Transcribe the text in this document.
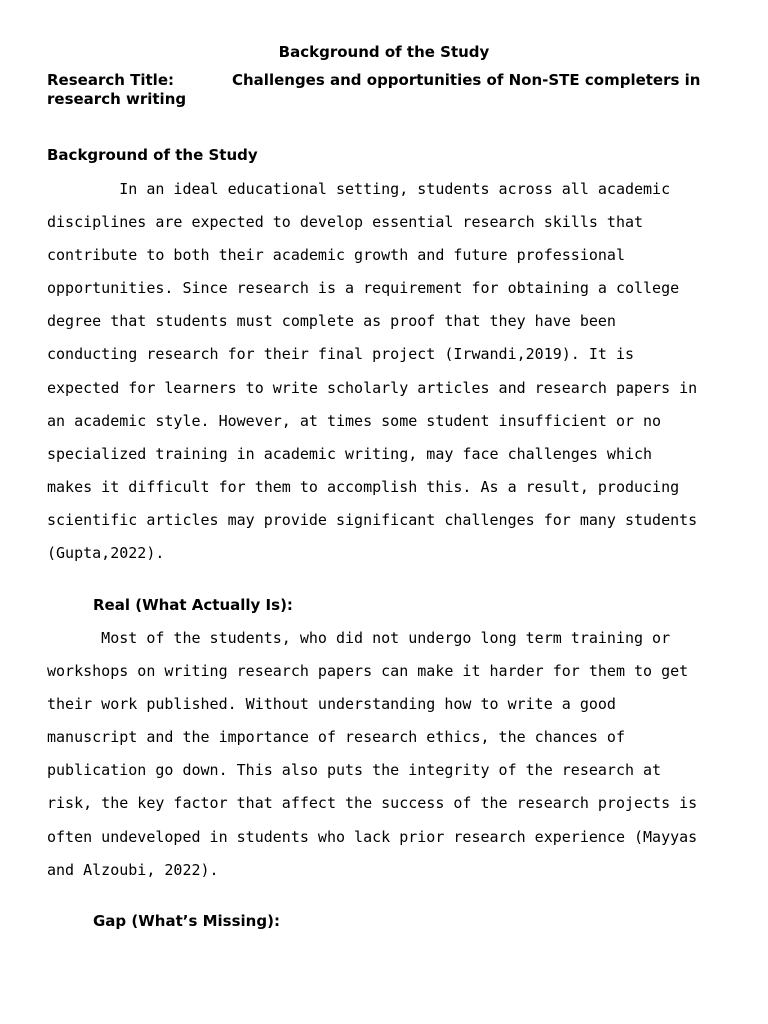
Background of the Study
Research Title:	Challenges and opportunities of Non-STE completers in
research writing
Background of the Study
In an ideal educational setting, students across all academic
disciplines are expected to develop essential research skills that
contribute to both their academic growth and future professional
opportunities. Since research is a requirement for obtaining a college
degree that students must complete as proof that they have been
conducting research for their final project (Irwandi,2019). It is
expected for learners to write scholarly articles and research papers in
an academic style. However, at times some student insufficient or no
specialized training in academic writing, may face challenges which
makes it difficult for them to accomplish this. As a result, producing
scientific articles may provide significant challenges for many students
(Gupta,2022).
Real (What Actually Is):
Most of the students, who did not undergo long term training or
workshops on writing research papers can make it harder for them to get
their work published. Without understanding how to write a good
manuscript and the importance of research ethics, the chances of
publication go down. This also puts the integrity of the research at
risk, the key factor that affect the success of the research projects is
often undeveloped in students who lack prior research experience (Mayyas
and Alzoubi, 2022).
Gap (What’s Missing):
